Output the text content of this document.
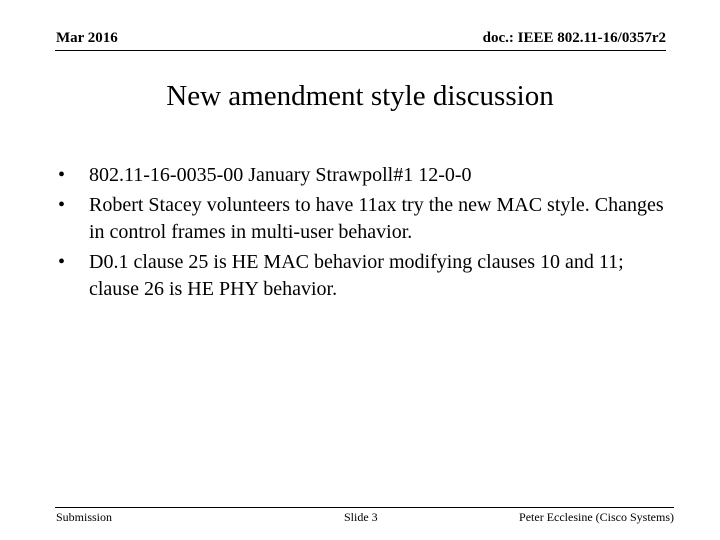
Mar 2016	doc.: IEEE 802.11-16/0357r2
New amendment style discussion
• 802.11-16-0035-00 January Strawpoll#1 12-0-0
• Robert Stacey volunteers to have 11ax try the new MAC style. Changes in control frames in multi-user behavior.
• D0.1 clause 25 is HE MAC behavior modifying clauses 10 and 11; clause 26 is HE PHY behavior.
Submission	Slide 3	Peter Ecclesine (Cisco Systems)
